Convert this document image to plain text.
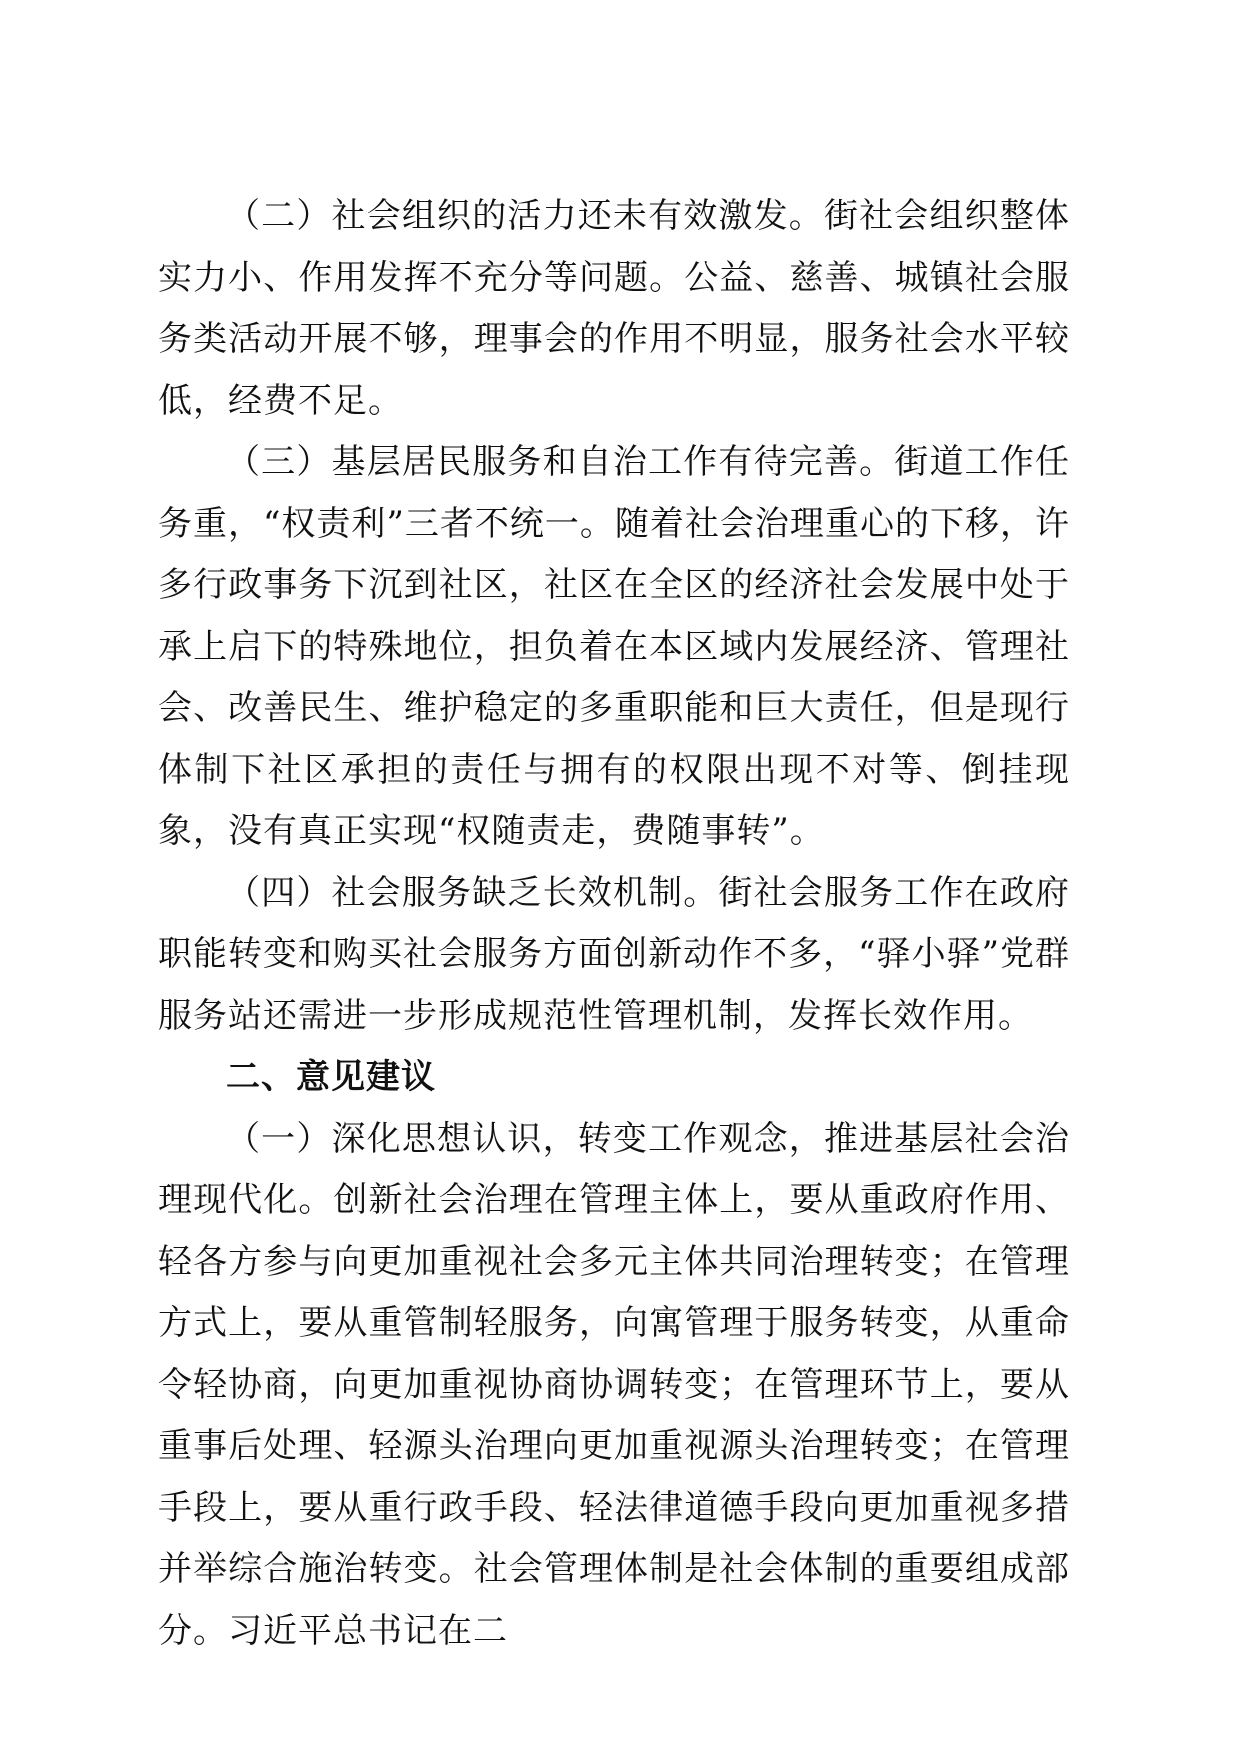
（二）社会组织的活力还未有效激发。街社会组织整体实力小、作用发挥不充分等问题。公益、慈善、城镇社会服务类活动开展不够，理事会的作用不明显，服务社会水平较低，经费不足。

（三）基层居民服务和自治工作有待完善。街道工作任务重，“权责利”三者不统一。随着社会治理重心的下移，许多行政事务下沉到社区，社区在全区的经济社会发展中处于承上启下的特殊地位，担负着在本区域内发展经济、管理社会、改善民生、维护稳定的多重职能和巨大责任，但是现行体制下社区承担的责任与拥有的权限出现不对等、倒挂现象，没有真正实现“权随责走，费随事转”。

（四）社会服务缺乏长效机制。街社会服务工作在政府职能转变和购买社会服务方面创新动作不多，“驿小驿”党群服务站还需进一步形成规范性管理机制，发挥长效作用。

二、意见建议

（一）深化思想认识，转变工作观念，推进基层社会治理现代化。创新社会治理在管理主体上，要从重政府作用、轻各方参与向更加重视社会多元主体共同治理转变；在管理方式上，要从重管制轻服务，向寓管理于服务转变，从重命令轻协商，向更加重视协商协调转变；在管理环节上，要从重事后处理、轻源头治理向更加重视源头治理转变；在管理手段上，要从重行政手段、轻法律道德手段向更加重视多措并举综合施治转变。社会管理体制是社会体制的重要组成部分。习近平总书记在二
